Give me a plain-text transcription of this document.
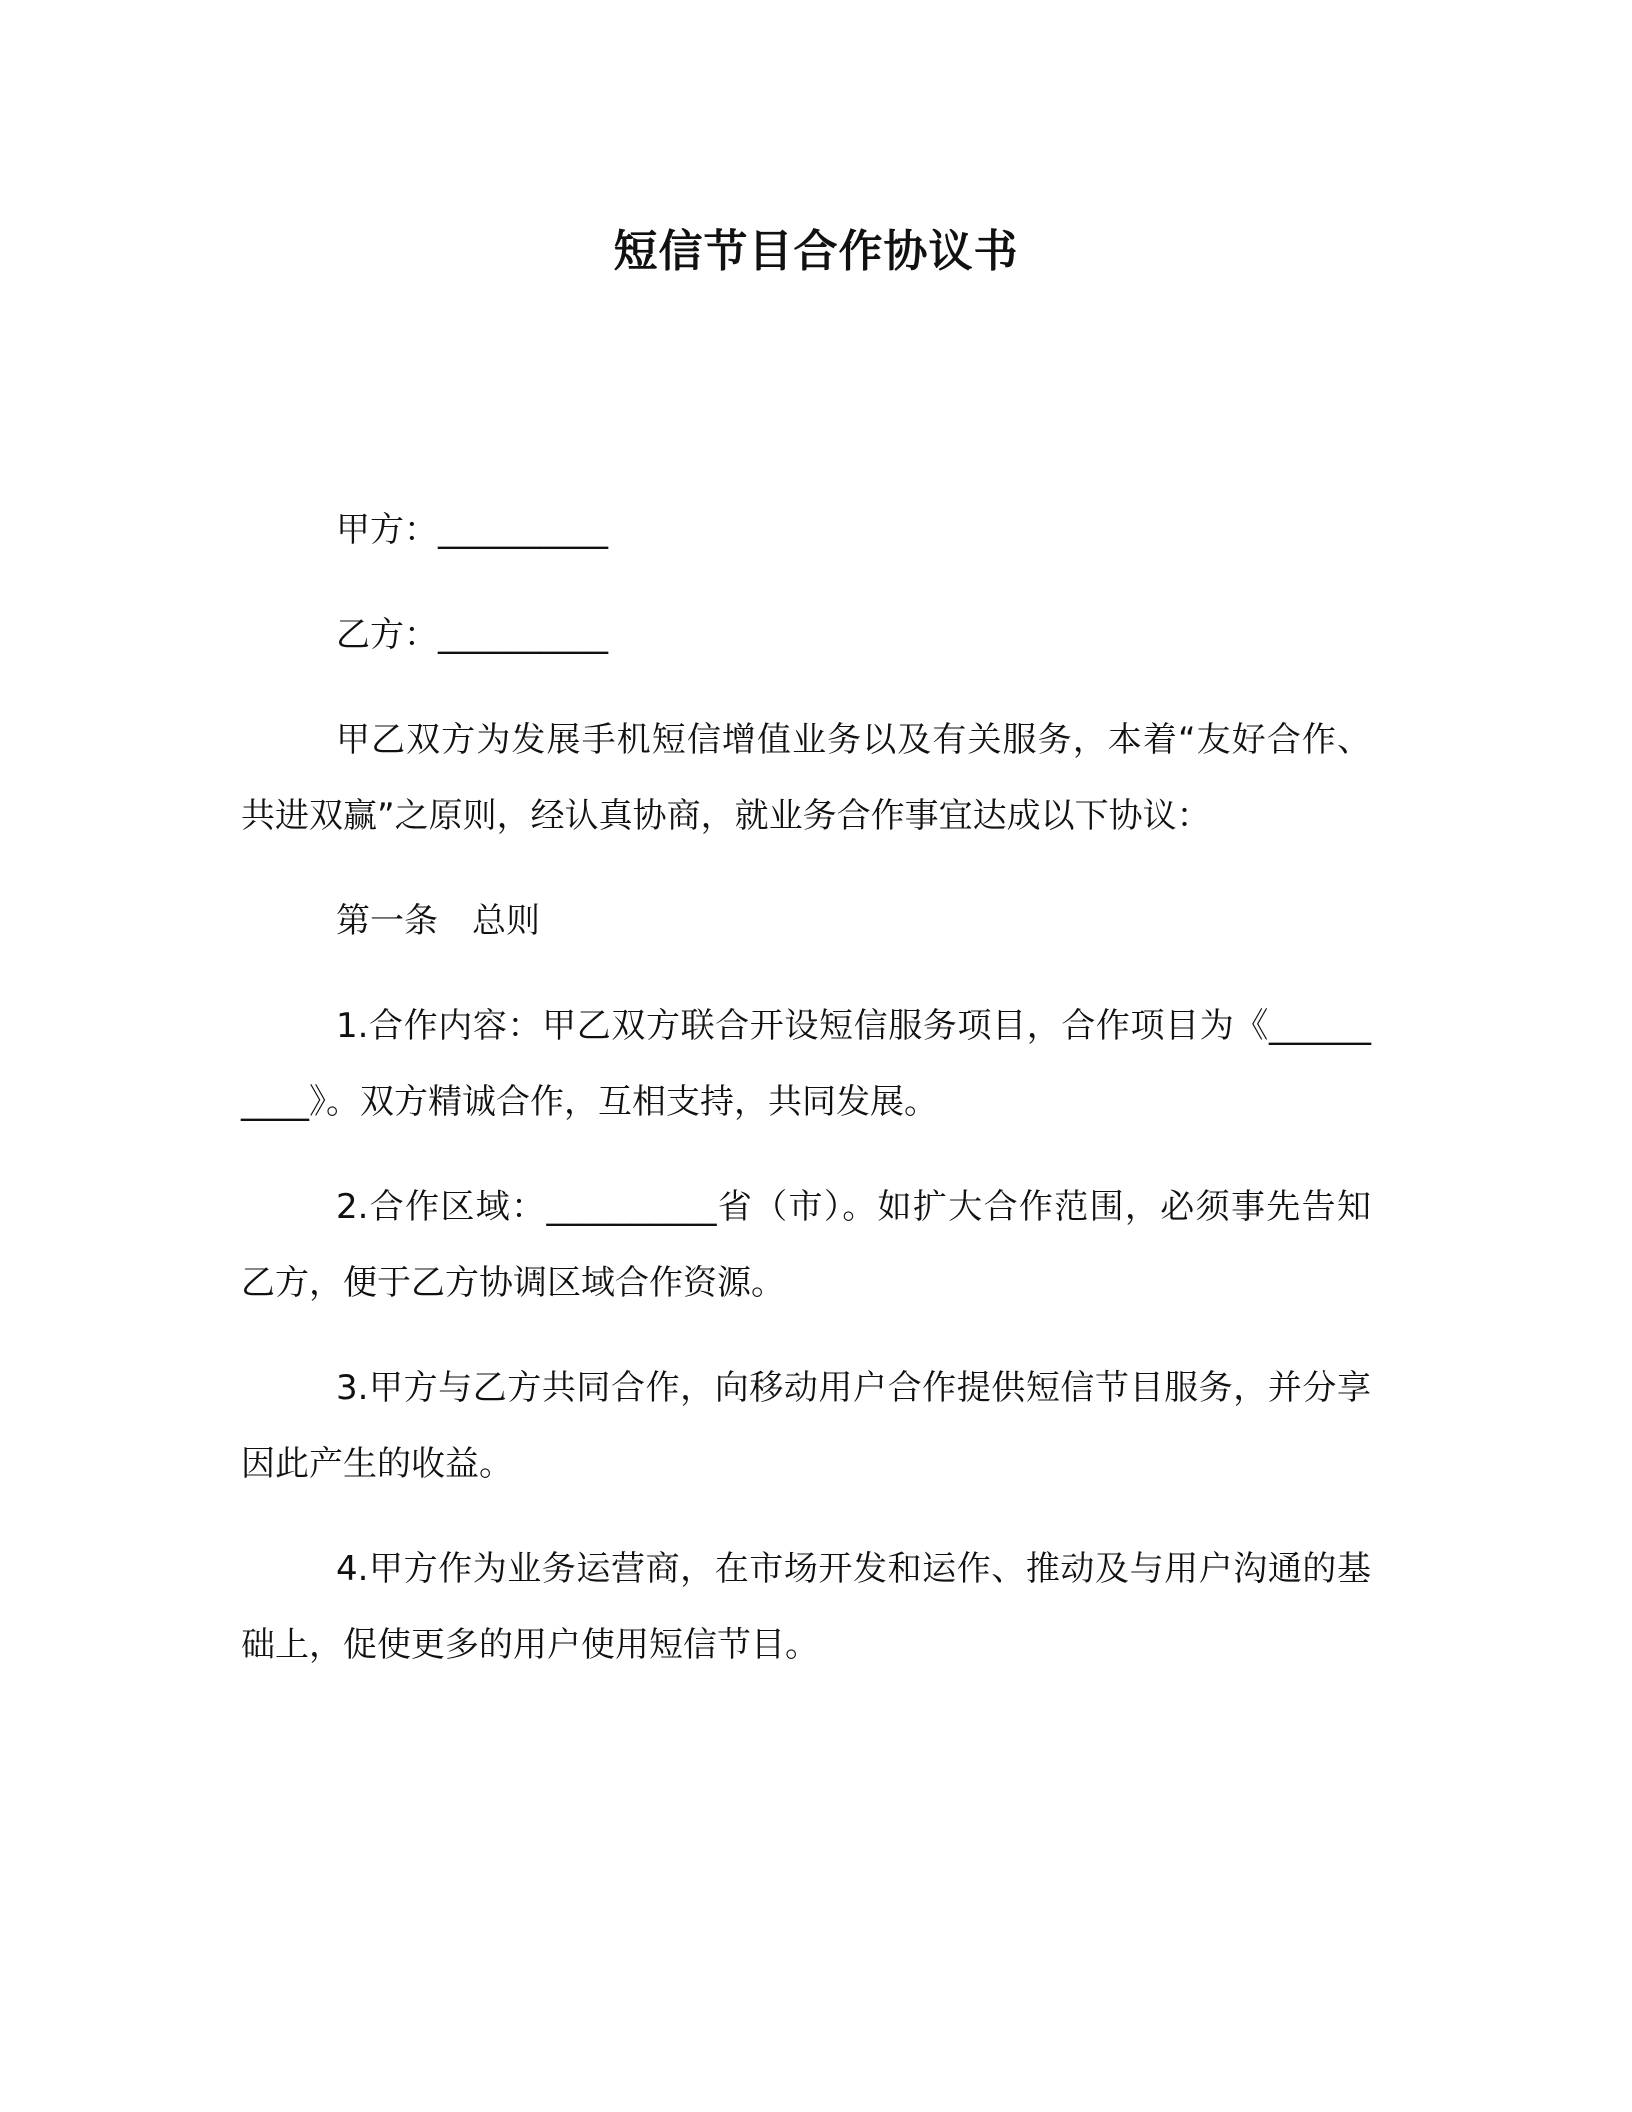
短信节目合作协议书

甲方：__________

乙方：__________

甲乙双方为发展手机短信增值业务以及有关服务，本着“友好合作、共进双赢”之原则，经认真协商，就业务合作事宜达成以下协议：

第一条　总则

1.合作内容：甲乙双方联合开设短信服务项目，合作项目为《__________》。双方精诚合作，互相支持，共同发展。

2.合作区域：__________省（市）。如扩大合作范围，必须事先告知乙方，便于乙方协调区域合作资源。

3.甲方与乙方共同合作，向移动用户合作提供短信节目服务，并分享因此产生的收益。

4.甲方作为业务运营商，在市场开发和运作、推动及与用户沟通的基础上，促使更多的用户使用短信节目。
